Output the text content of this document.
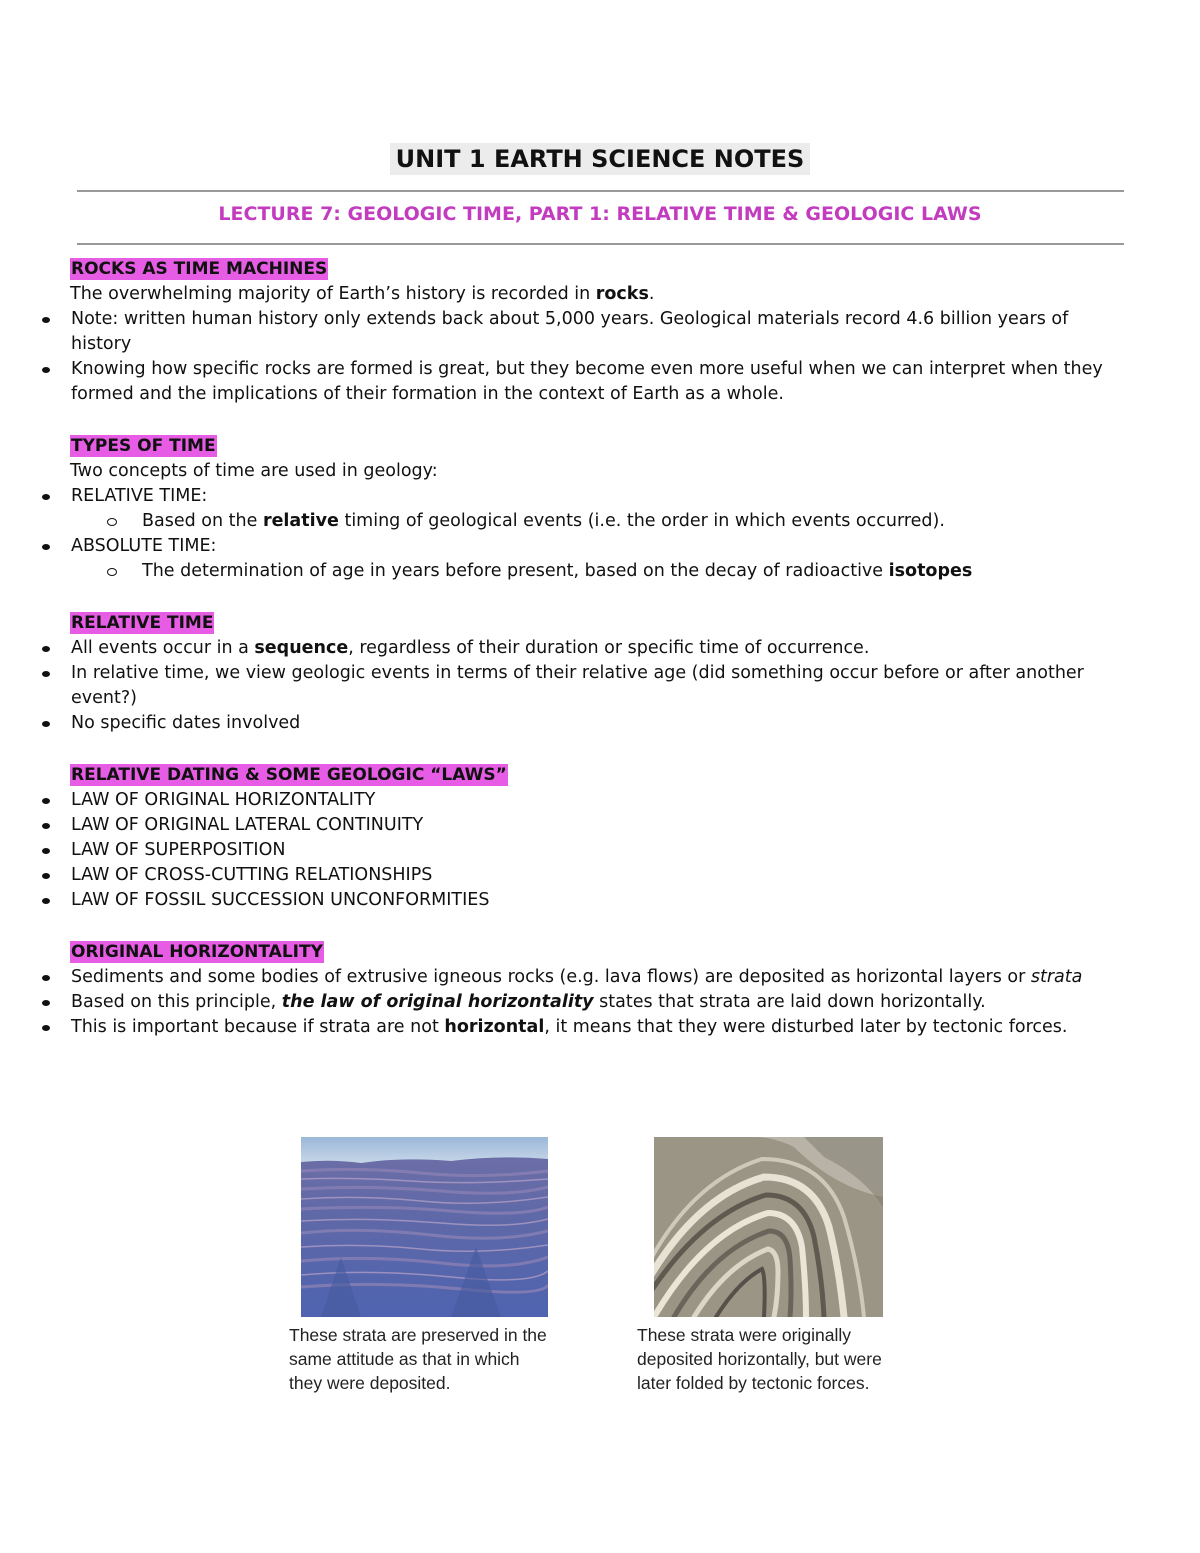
UNIT 1 EARTH SCIENCE NOTES
LECTURE 7: GEOLOGIC TIME, PART 1: RELATIVE TIME & GEOLOGIC LAWS
ROCKS AS TIME MACHINES

The overwhelming majority of Earth’s history is recorded in rocks.

Note: written human history only extends back about 5,000 years. Geological materials record 4.6 billion years of history
Knowing how specific rocks are formed is great, but they become even more useful when we can interpret when they formed and the implications of their formation in the context of Earth as a whole.
TYPES OF TIME

Two concepts of time are used in geology:

RELATIVE TIME:
Based on the relative timing of geological events (i.e. the order in which events occurred).
ABSOLUTE TIME:
The determination of age in years before present, based on the decay of radioactive isotopes
RELATIVE TIME
All events occur in a sequence, regardless of their duration or specific time of occurrence.
In relative time, we view geologic events in terms of their relative age (did something occur before or after another event?)
No specific dates involved
RELATIVE DATING & SOME GEOLOGIC “LAWS”
LAW OF ORIGINAL HORIZONTALITY
LAW OF ORIGINAL LATERAL CONTINUITY
LAW OF SUPERPOSITION
LAW OF CROSS-CUTTING RELATIONSHIPS
LAW OF FOSSIL SUCCESSION UNCONFORMITIES
ORIGINAL HORIZONTALITY
Sediments and some bodies of extrusive igneous rocks (e.g. lava flows) are deposited as horizontal layers or strata
Based on this principle, the law of original horizontality states that strata are laid down horizontally.
This is important because if strata are not horizontal, it means that they were disturbed later by tectonic forces.
These strata are preserved in the
same attitude as that in which
they were deposited.
These strata were originally
deposited horizontally, but were
later folded by tectonic forces.
